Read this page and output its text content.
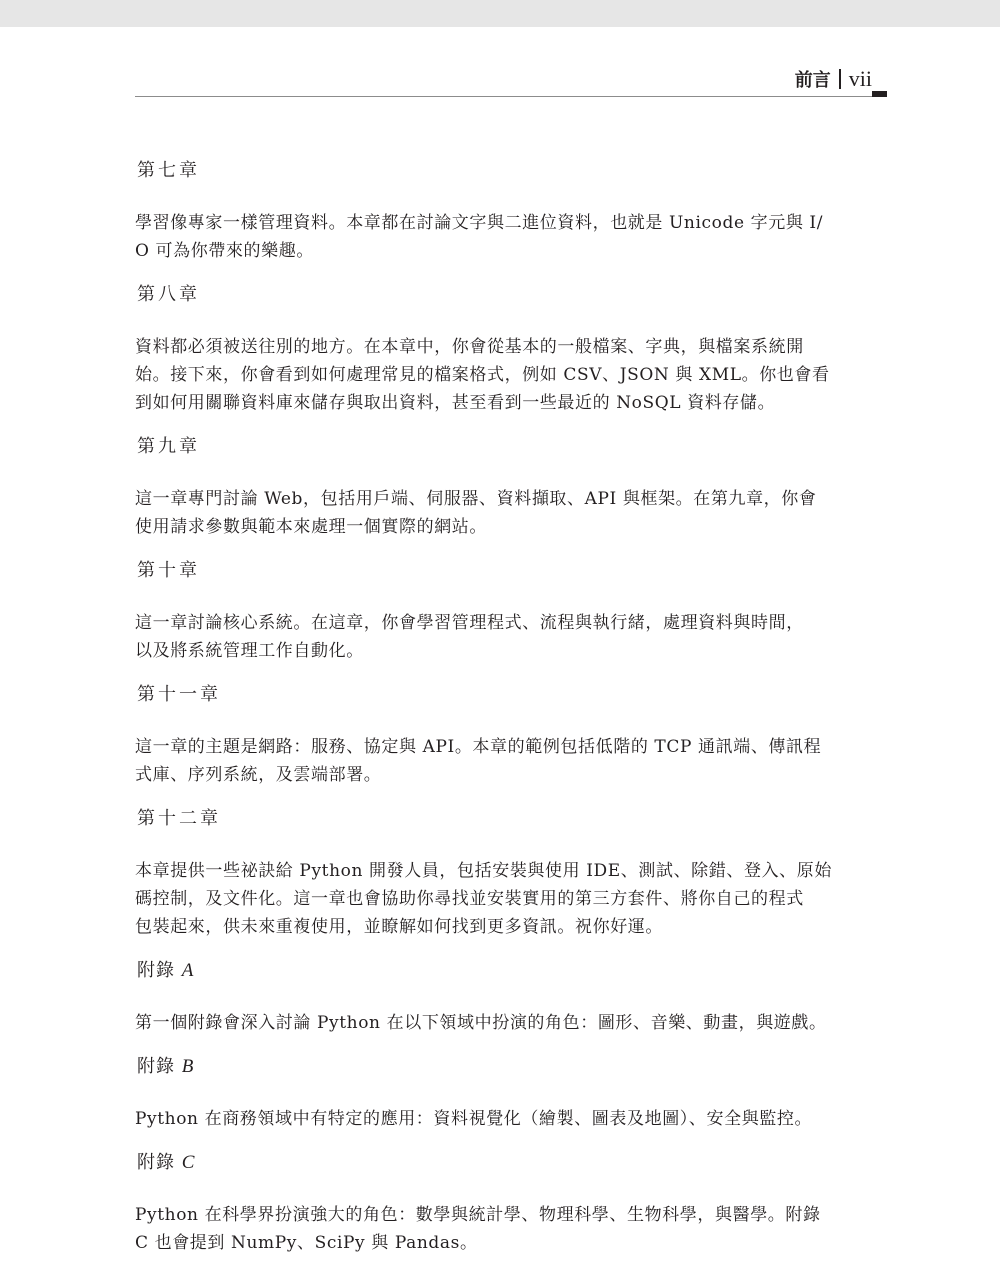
前言 vii
第七章
學習像專家一樣管理資料。本章都在討論文字與二進位資料，也就是 Unicode 字元與 I/
O 可為你帶來的樂趣。
第八章
資料都必須被送往別的地方。在本章中，你會從基本的一般檔案、字典，與檔案系統開
始。接下來，你會看到如何處理常見的檔案格式，例如 CSV、JSON 與 XML。你也會看
到如何用關聯資料庫來儲存與取出資料，甚至看到一些最近的 NoSQL 資料存儲。
第九章
這一章專門討論 Web，包括用戶端、伺服器、資料擷取、API 與框架。在第九章，你會
使用請求參數與範本來處理一個實際的網站。
第十章
這一章討論核心系統。在這章，你會學習管理程式、流程與執行緒，處理資料與時間，
以及將系統管理工作自動化。
第十一章
這一章的主題是網路：服務、協定與 API。本章的範例包括低階的 TCP 通訊端、傳訊程
式庫、序列系統，及雲端部署。
第十二章
本章提供一些祕訣給 Python 開發人員，包括安裝與使用 IDE、測試、除錯、登入、原始
碼控制，及文件化。這一章也會協助你尋找並安裝實用的第三方套件、將你自己的程式
包裝起來，供未來重複使用，並瞭解如何找到更多資訊。祝你好運。
附錄 A
第一個附錄會深入討論 Python 在以下領域中扮演的角色：圖形、音樂、動畫，與遊戲。
附錄 B
Python 在商務領域中有特定的應用：資料視覺化（繪製、圖表及地圖）、安全與監控。
附錄 C
Python 在科學界扮演強大的角色：數學與統計學、物理科學、生物科學，與醫學。附錄
C 也會提到 NumPy、SciPy 與 Pandas。
